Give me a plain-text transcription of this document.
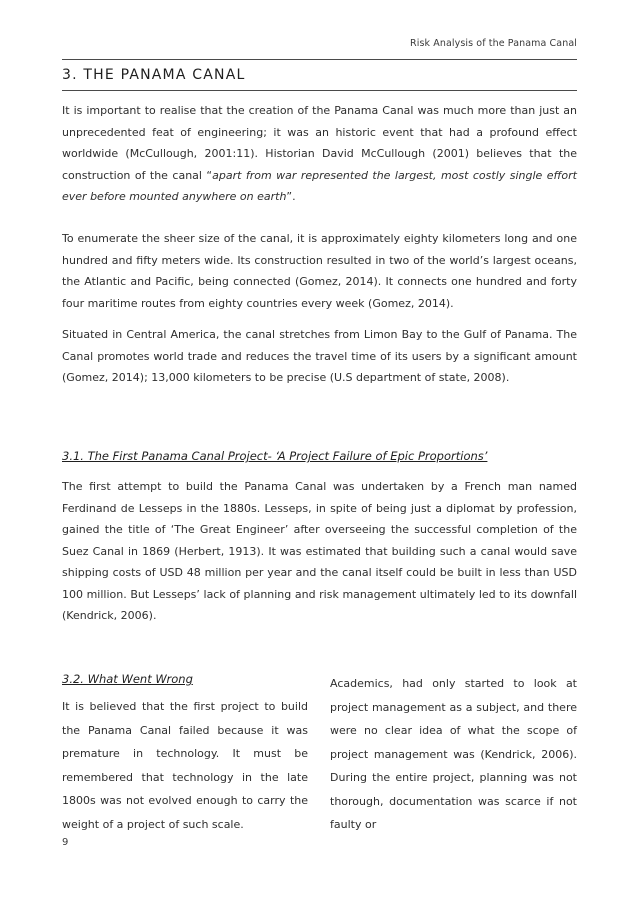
Risk Analysis of the Panama Canal
3. THE PANAMA CANAL

It is important to realise that the creation of the Panama Canal was much more than just an unprecedented feat of engineering; it was an historic event that had a profound effect worldwide (McCullough, 2001:11). Historian David McCullough (2001) believes that the construction of the canal “apart from war represented the largest, most costly single effort ever before mounted anywhere on earth”.

To enumerate the sheer size of the canal, it is approximately eighty kilometers long and one hundred and fifty meters wide. Its construction resulted in two of the world’s largest oceans, the Atlantic and Pacific, being connected (Gomez, 2014). It connects one hundred and forty four maritime routes from eighty countries every week (Gomez, 2014).

Situated in Central America, the canal stretches from Limon Bay to the Gulf of Panama. The Canal promotes world trade and reduces the travel time of its users by a significant amount (Gomez, 2014); 13,000 kilometers to be precise (U.S department of state, 2008).

3.1. The First Panama Canal Project- ‘A Project Failure of Epic Proportions’

The first attempt to build the Panama Canal was undertaken by a French man named Ferdinand de Lesseps in the 1880s. Lesseps, in spite of being just a diplomat by profession, gained the title of ‘The Great Engineer’ after overseeing the successful completion of the Suez Canal in 1869 (Herbert, 1913). It was estimated that building such a canal would save shipping costs of USD 48 million per year and the canal itself could be built in less than USD 100 million. But Lesseps’ lack of planning and risk management ultimately led to its downfall (Kendrick, 2006).

3.2. What Went Wrong

It is believed that the first project to build the Panama Canal failed because it was premature in technology. It must be remembered that technology in the late 1800s was not evolved enough to carry the weight of a project of such scale.

Academics, had only started to look at project management as a subject, and there were no clear idea of what the scope of project management was (Kendrick, 2006). During the entire project, planning was not thorough, documentation was scarce if not faulty or

9
